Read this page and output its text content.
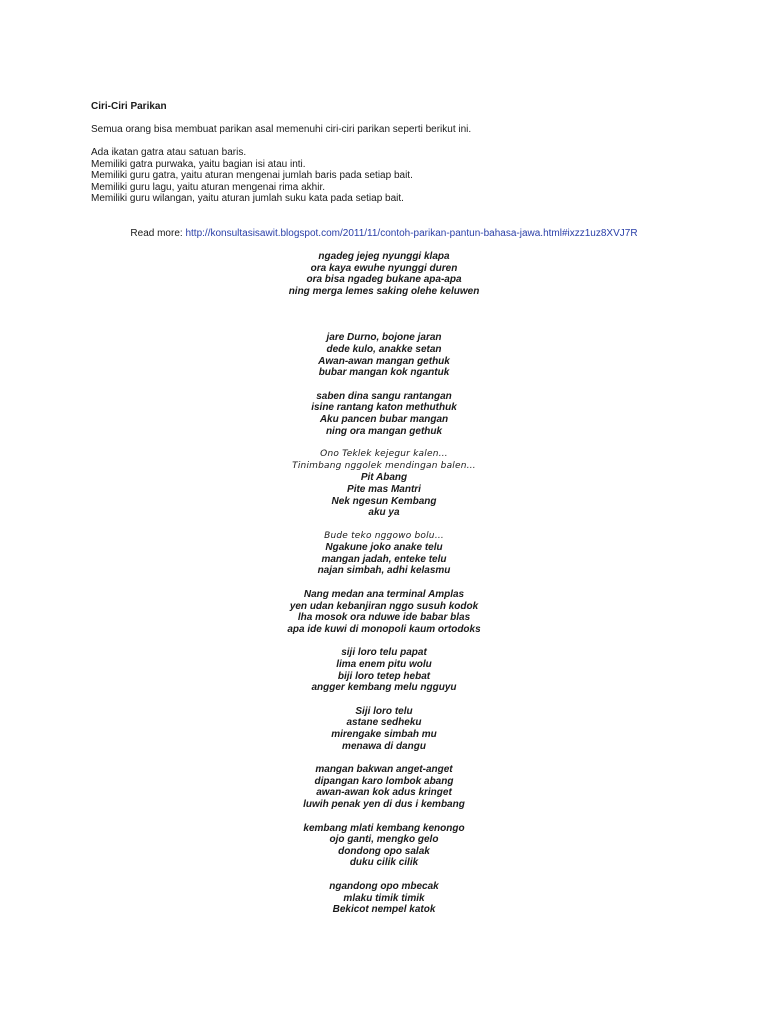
Ciri-Ciri Parikan
Semua orang bisa membuat parikan asal memenuhi ciri-ciri parikan seperti berikut ini.
Ada ikatan gatra atau satuan baris.
Memiliki gatra purwaka, yaitu bagian isi atau inti.
Memiliki guru gatra, yaitu aturan mengenai jumlah baris pada setiap bait.
Memiliki guru lagu, yaitu aturan mengenai rima akhir.
Memiliki guru wilangan, yaitu aturan jumlah suku kata pada setiap bait.
Read more: http://konsultasisawit.blogspot.com/2011/11/contoh-parikan-pantun-bahasa-jawa.html#ixzz1uz8XVJ7R
ngadeg jejeg nyunggi klapa
ora kaya ewuhe nyunggi duren
ora bisa ngadeg bukane apa-apa
ning merga lemes saking olehe keluwen
jare Durno, bojone jaran
dede kulo, anakke setan
Awan-awan mangan gethuk
bubar mangan kok ngantuk
saben dina sangu rantangan
isine rantang katon methuthuk
Aku pancen bubar mangan
ning ora mangan gethuk
Ono Teklek kejegur kalen…
Tinimbang nggolek mendingan balen…
Pit Abang
Pite mas Mantri
Nek ngesun Kembang
aku ya
Bude teko nggowo bolu…
Ngakune joko anake telu
mangan jadah, enteke telu
najan simbah, adhi kelasmu
Nang medan ana terminal Amplas
yen udan kebanjiran nggo susuh kodok
lha mosok ora nduwe ide babar blas
apa ide kuwi di monopoli kaum ortodoks
siji loro telu papat
lima enem pitu wolu
biji loro tetep hebat
angger kembang melu ngguyu
Siji loro telu
astane sedheku
mirengake simbah mu
menawa di dangu
mangan bakwan anget-anget
dipangan karo lombok abang
awan-awan kok adus kringet
luwih penak yen di dus i kembang
kembang mlati kembang kenongo
ojo ganti, mengko gelo
dondong opo salak
duku cilik cilik
ngandong opo mbecak
mlaku timik timik
Bekicot nempel katok
